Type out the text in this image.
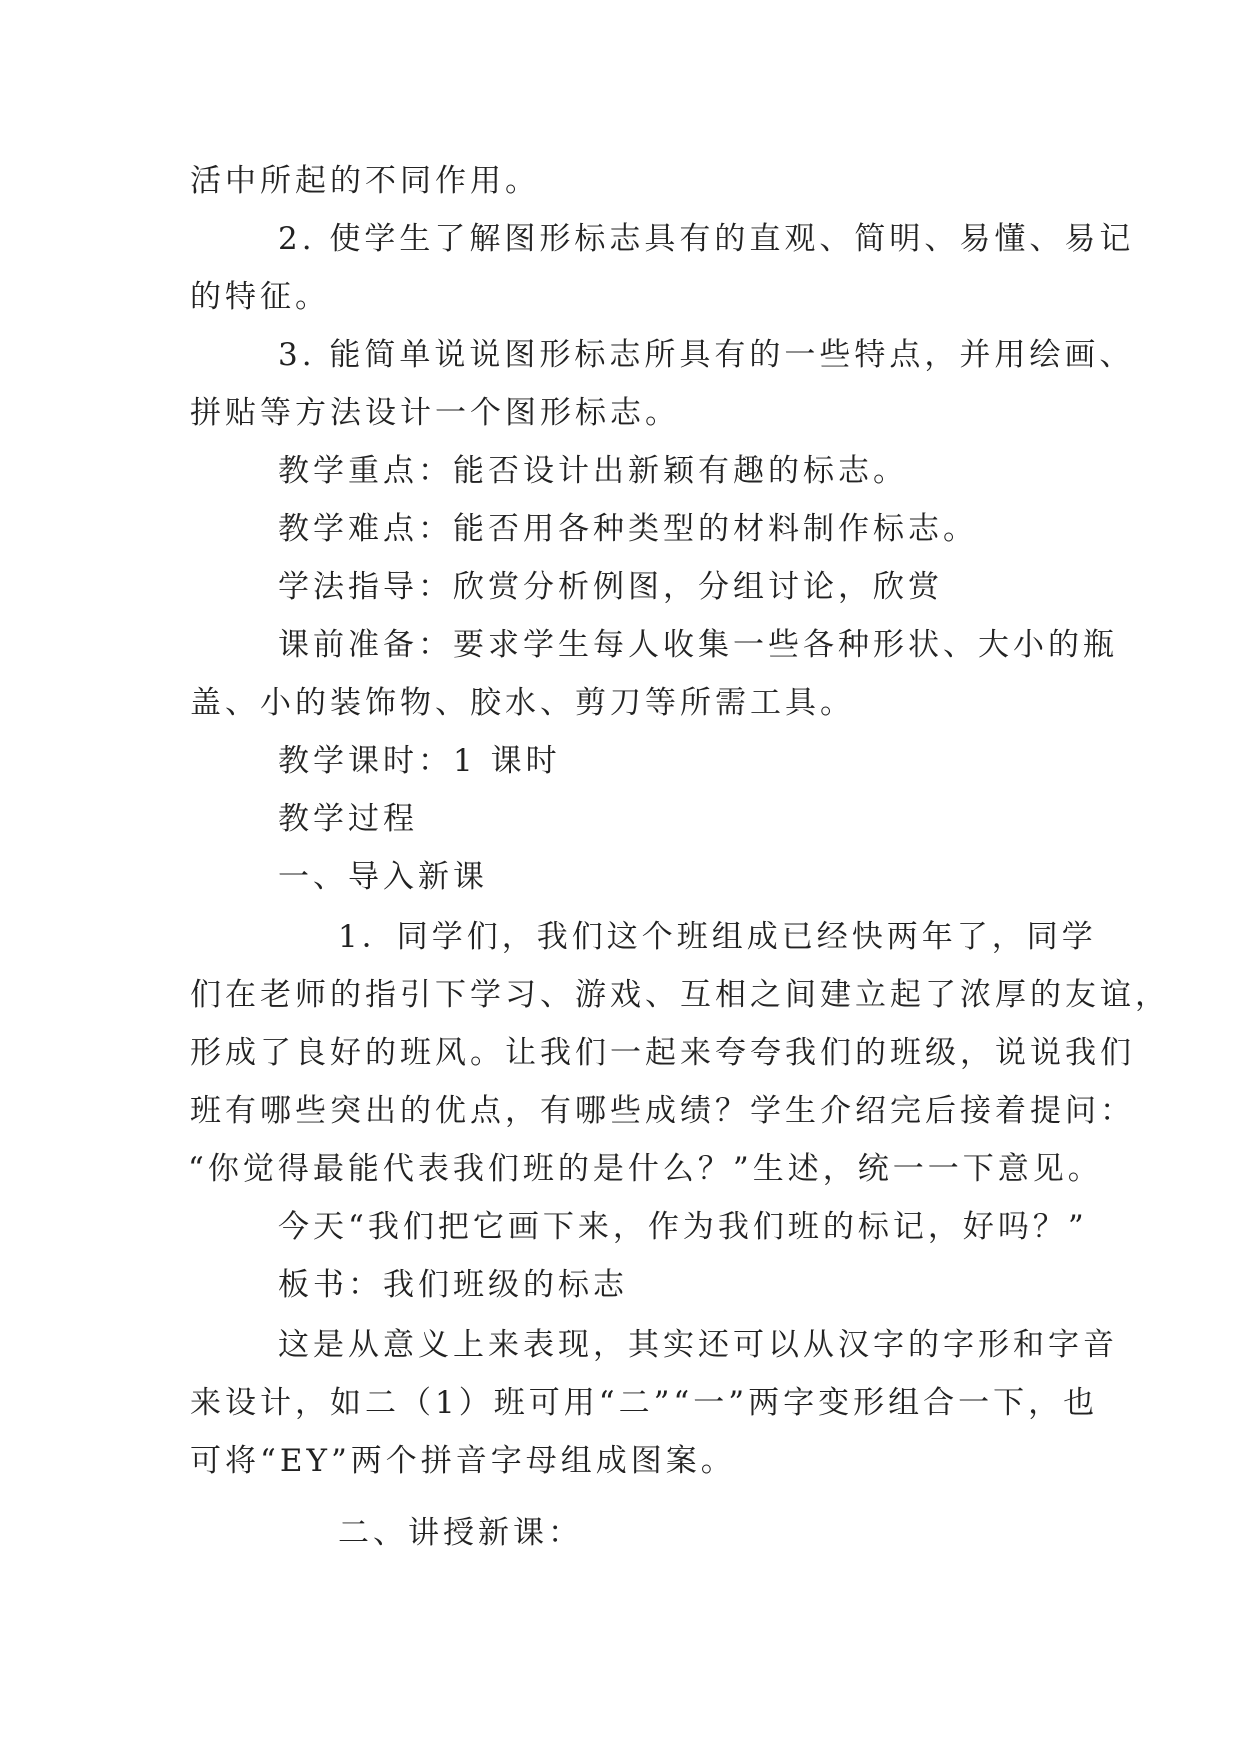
活中所起的不同作用。
2. 使学生了解图形标志具有的直观、简明、易懂、易记
的特征。
3. 能简单说说图形标志所具有的一些特点，并用绘画、
拼贴等方法设计一个图形标志。
教学重点：能否设计出新颖有趣的标志。
教学难点：能否用各种类型的材料制作标志。
学法指导：欣赏分析例图，分组讨论，欣赏
课前准备：要求学生每人收集一些各种形状、大小的瓶
盖、小的装饰物、胶水、剪刀等所需工具。
教学课时：1 课时
教学过程
一、导入新课
1．同学们，我们这个班组成已经快两年了，同学
们在老师的指引下学习、游戏、互相之间建立起了浓厚的友谊，
形成了良好的班风。让我们一起来夸夸我们的班级，说说我们
班有哪些突出的优点，有哪些成绩？学生介绍完后接着提问：
“你觉得最能代表我们班的是什么？”生述，统一一下意见。
今天“我们把它画下来，作为我们班的标记，好吗？”
板书：我们班级的标志
这是从意义上来表现，其实还可以从汉字的字形和字音
来设计，如二（1）班可用“二”“一”两字变形组合一下，也
可将“EY”两个拼音字母组成图案。
二、讲授新课：
